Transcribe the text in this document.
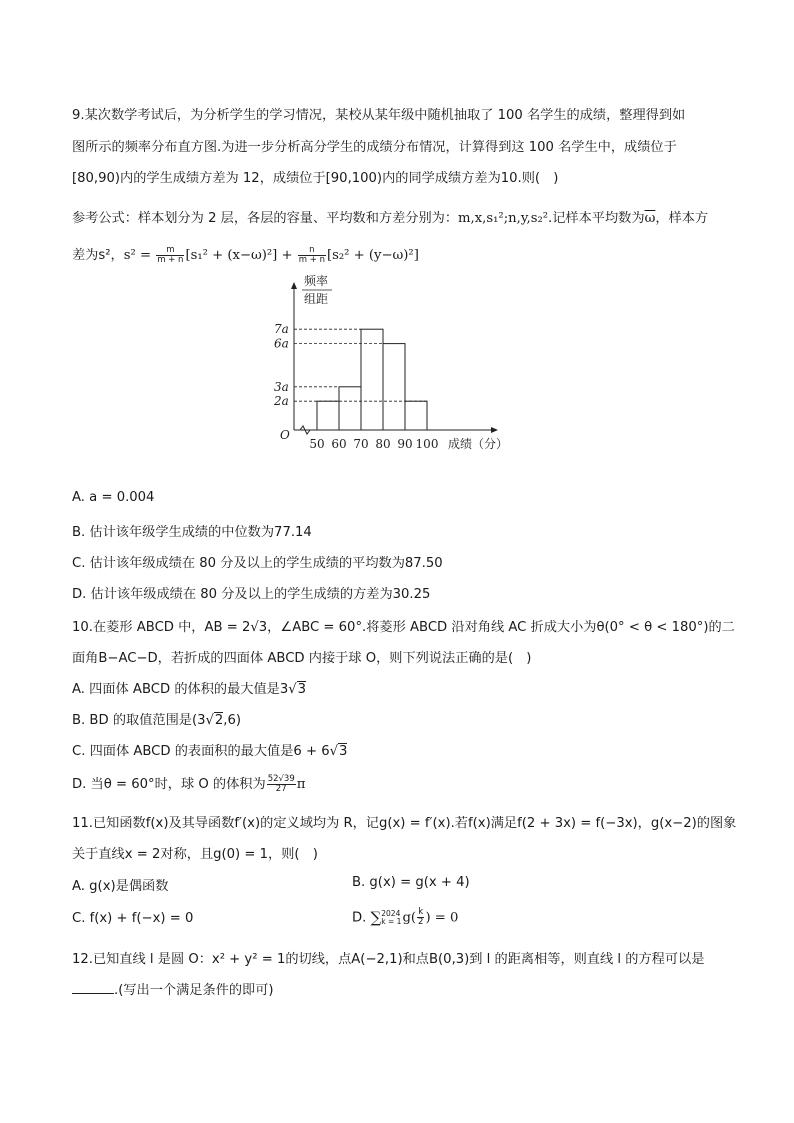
9.某次数学考试后，为分析学生的学习情况，某校从某年级中随机抽取了 100 名学生的成绩，整理得到如
图所示的频率分布直方图.为进一步分析高分学生的成绩分布情况，计算得到这 100 名学生中，成绩位于
[80,90)内的学生成绩方差为 12，成绩位于[90,100)内的同学成绩方差为10.则(　)
参考公式：样本划分为 2 层，各层的容量、平均数和方差分别为：m,x,s₁²;n,y,s₂².记样本平均数为$\overline{\omega}$，样本方
差为s²，$s^2 = \frac{m}{m + n} [s_1^2 + (x-\omega)^2] + \frac{n}{m + n} [s_2^2 + (y-\omega)^2]$
频率
组距
O
2a
3a
6a
7a
50 60 70 80 90 100 成绩（分）
A. a = 0.004
B. 估计该年级学生成绩的中位数为77.14
C. 估计该年级成绩在 80 分及以上的学生成绩的平均数为87.50
D. 估计该年级成绩在 80 分及以上的学生成绩的方差为30.25
10.在菱形 ABCD 中，AB = 2√3，∠ABC = 60°.将菱形 ABCD 沿对角线 AC 折成大小为θ(0° < θ < 180°)的二
面角B−AC−D，若折成的四面体 ABCD 内接于球 O，则下列说法正确的是(　)
A. 四面体 ABCD 的体积的最大值是3√3
B. BD 的取值范围是(3√2,6)
C. 四面体 ABCD 的表面积的最大值是6 + 6√3
D. 当θ = 60°时，球 O 的体积为 $\frac{52√39}{27}$ π
11.已知函数f(x)及其导函数f′(x)的定义域均为 R，记g(x) = f′(x).若f(x)满足f(2 + 3x) = f(−3x)，g(x−2)的图象
关于直线x = 2对称，且g(0) = 1，则(　)
A. g(x)是偶函数	B. g(x) = g(x + 4)
C. f(x) + f(−x) = 0	D. ∑ 2024
k = 1 $g( \frac{k}{2}$ ) = 0
12.已知直线 l 是圆 O：x² + y² = 1的切线，点A(−2,1)和点B(0,3)到 l 的距离相等，则直线 l 的方程可以是
.(写出一个满足条件的即可)
